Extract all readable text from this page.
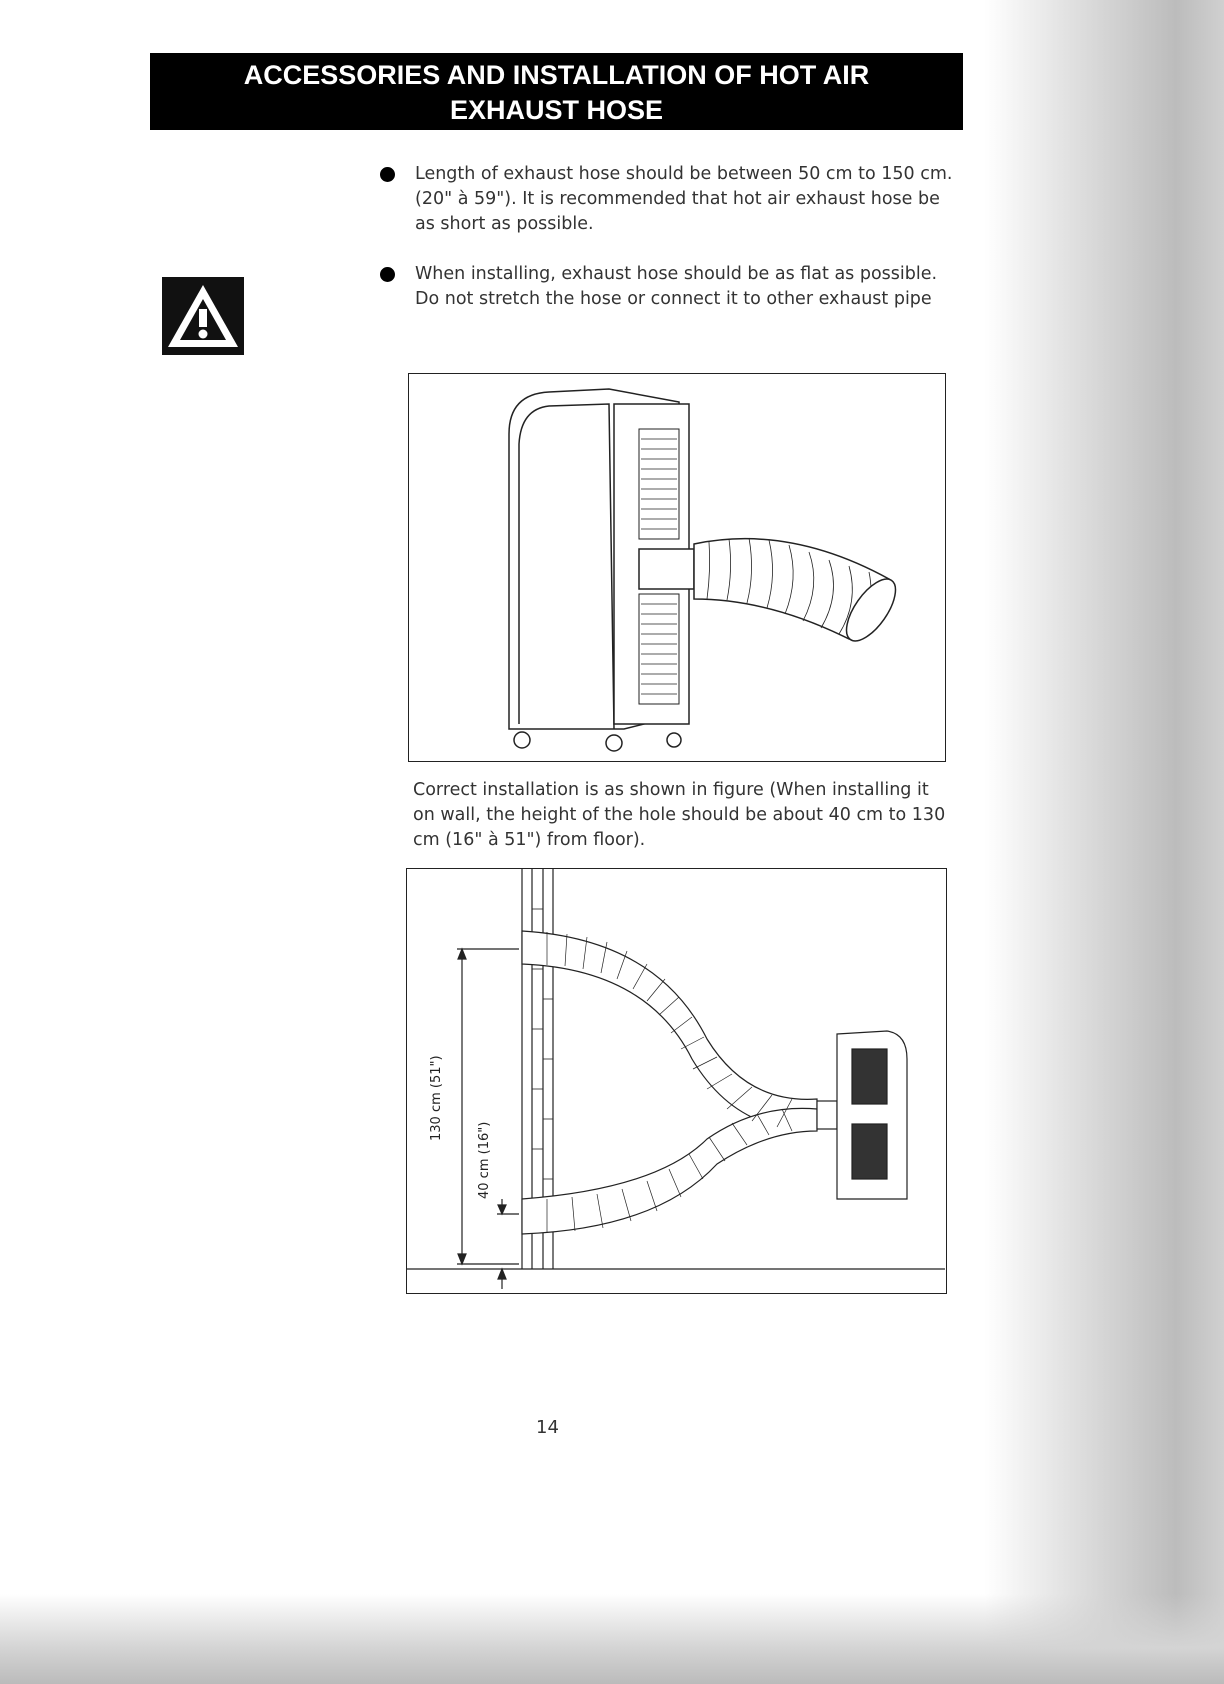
ACCESSORIES AND INSTALLATION OF HOT AIR
EXHAUST HOSE
Length of exhaust hose should be between 50 cm to 150 cm. (20" à 59"). It is recommended that hot air exhaust hose be as short as possible.
When installing, exhaust hose should be as flat as possible. Do not stretch the hose or connect it to other exhaust pipe
Correct installation is as shown in figure (When installing it on wall, the height of the hole should be about 40 cm to 130 cm (16" à 51") from floor).
130 cm (51")
40 cm (16")
14
